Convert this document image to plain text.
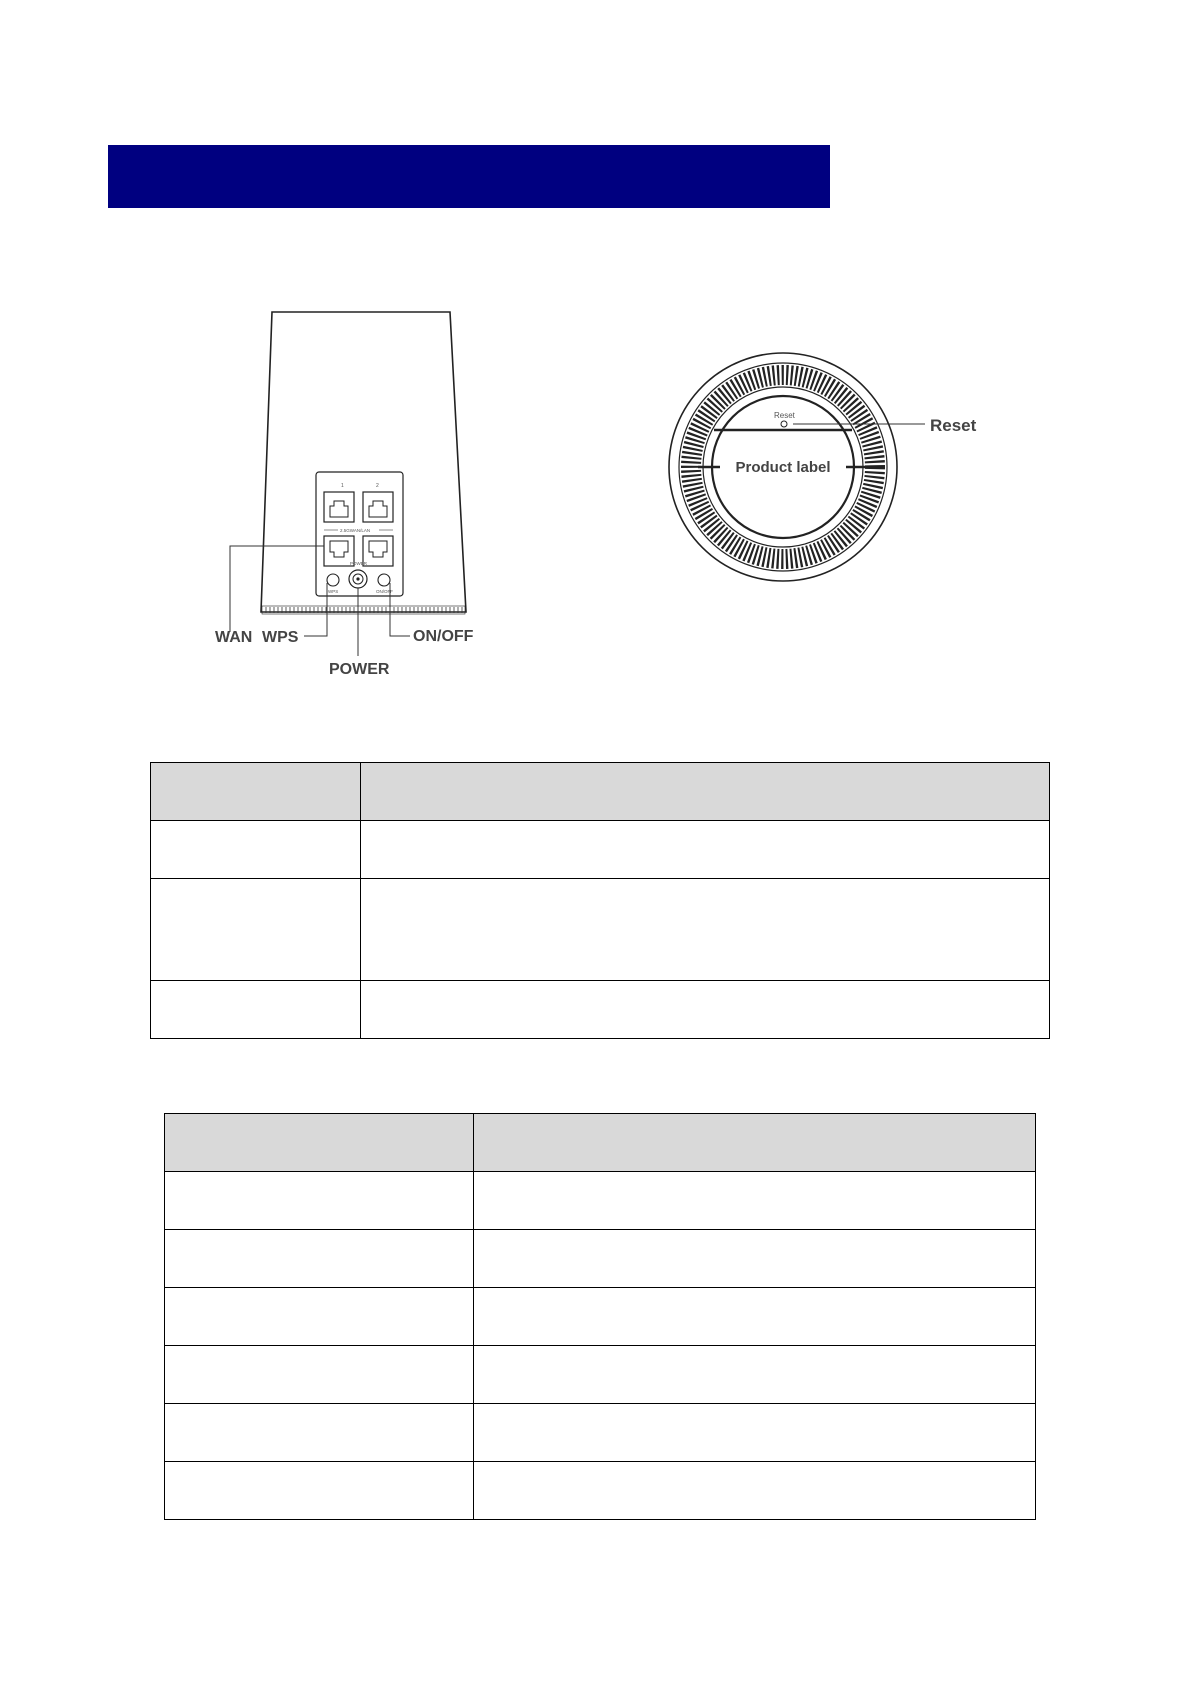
1	2
2.5GWAN/LAN
WPS
POWER
ON/OFF
WAN WPS	ON/OFF
POWER
Reset
Reset
Product label
